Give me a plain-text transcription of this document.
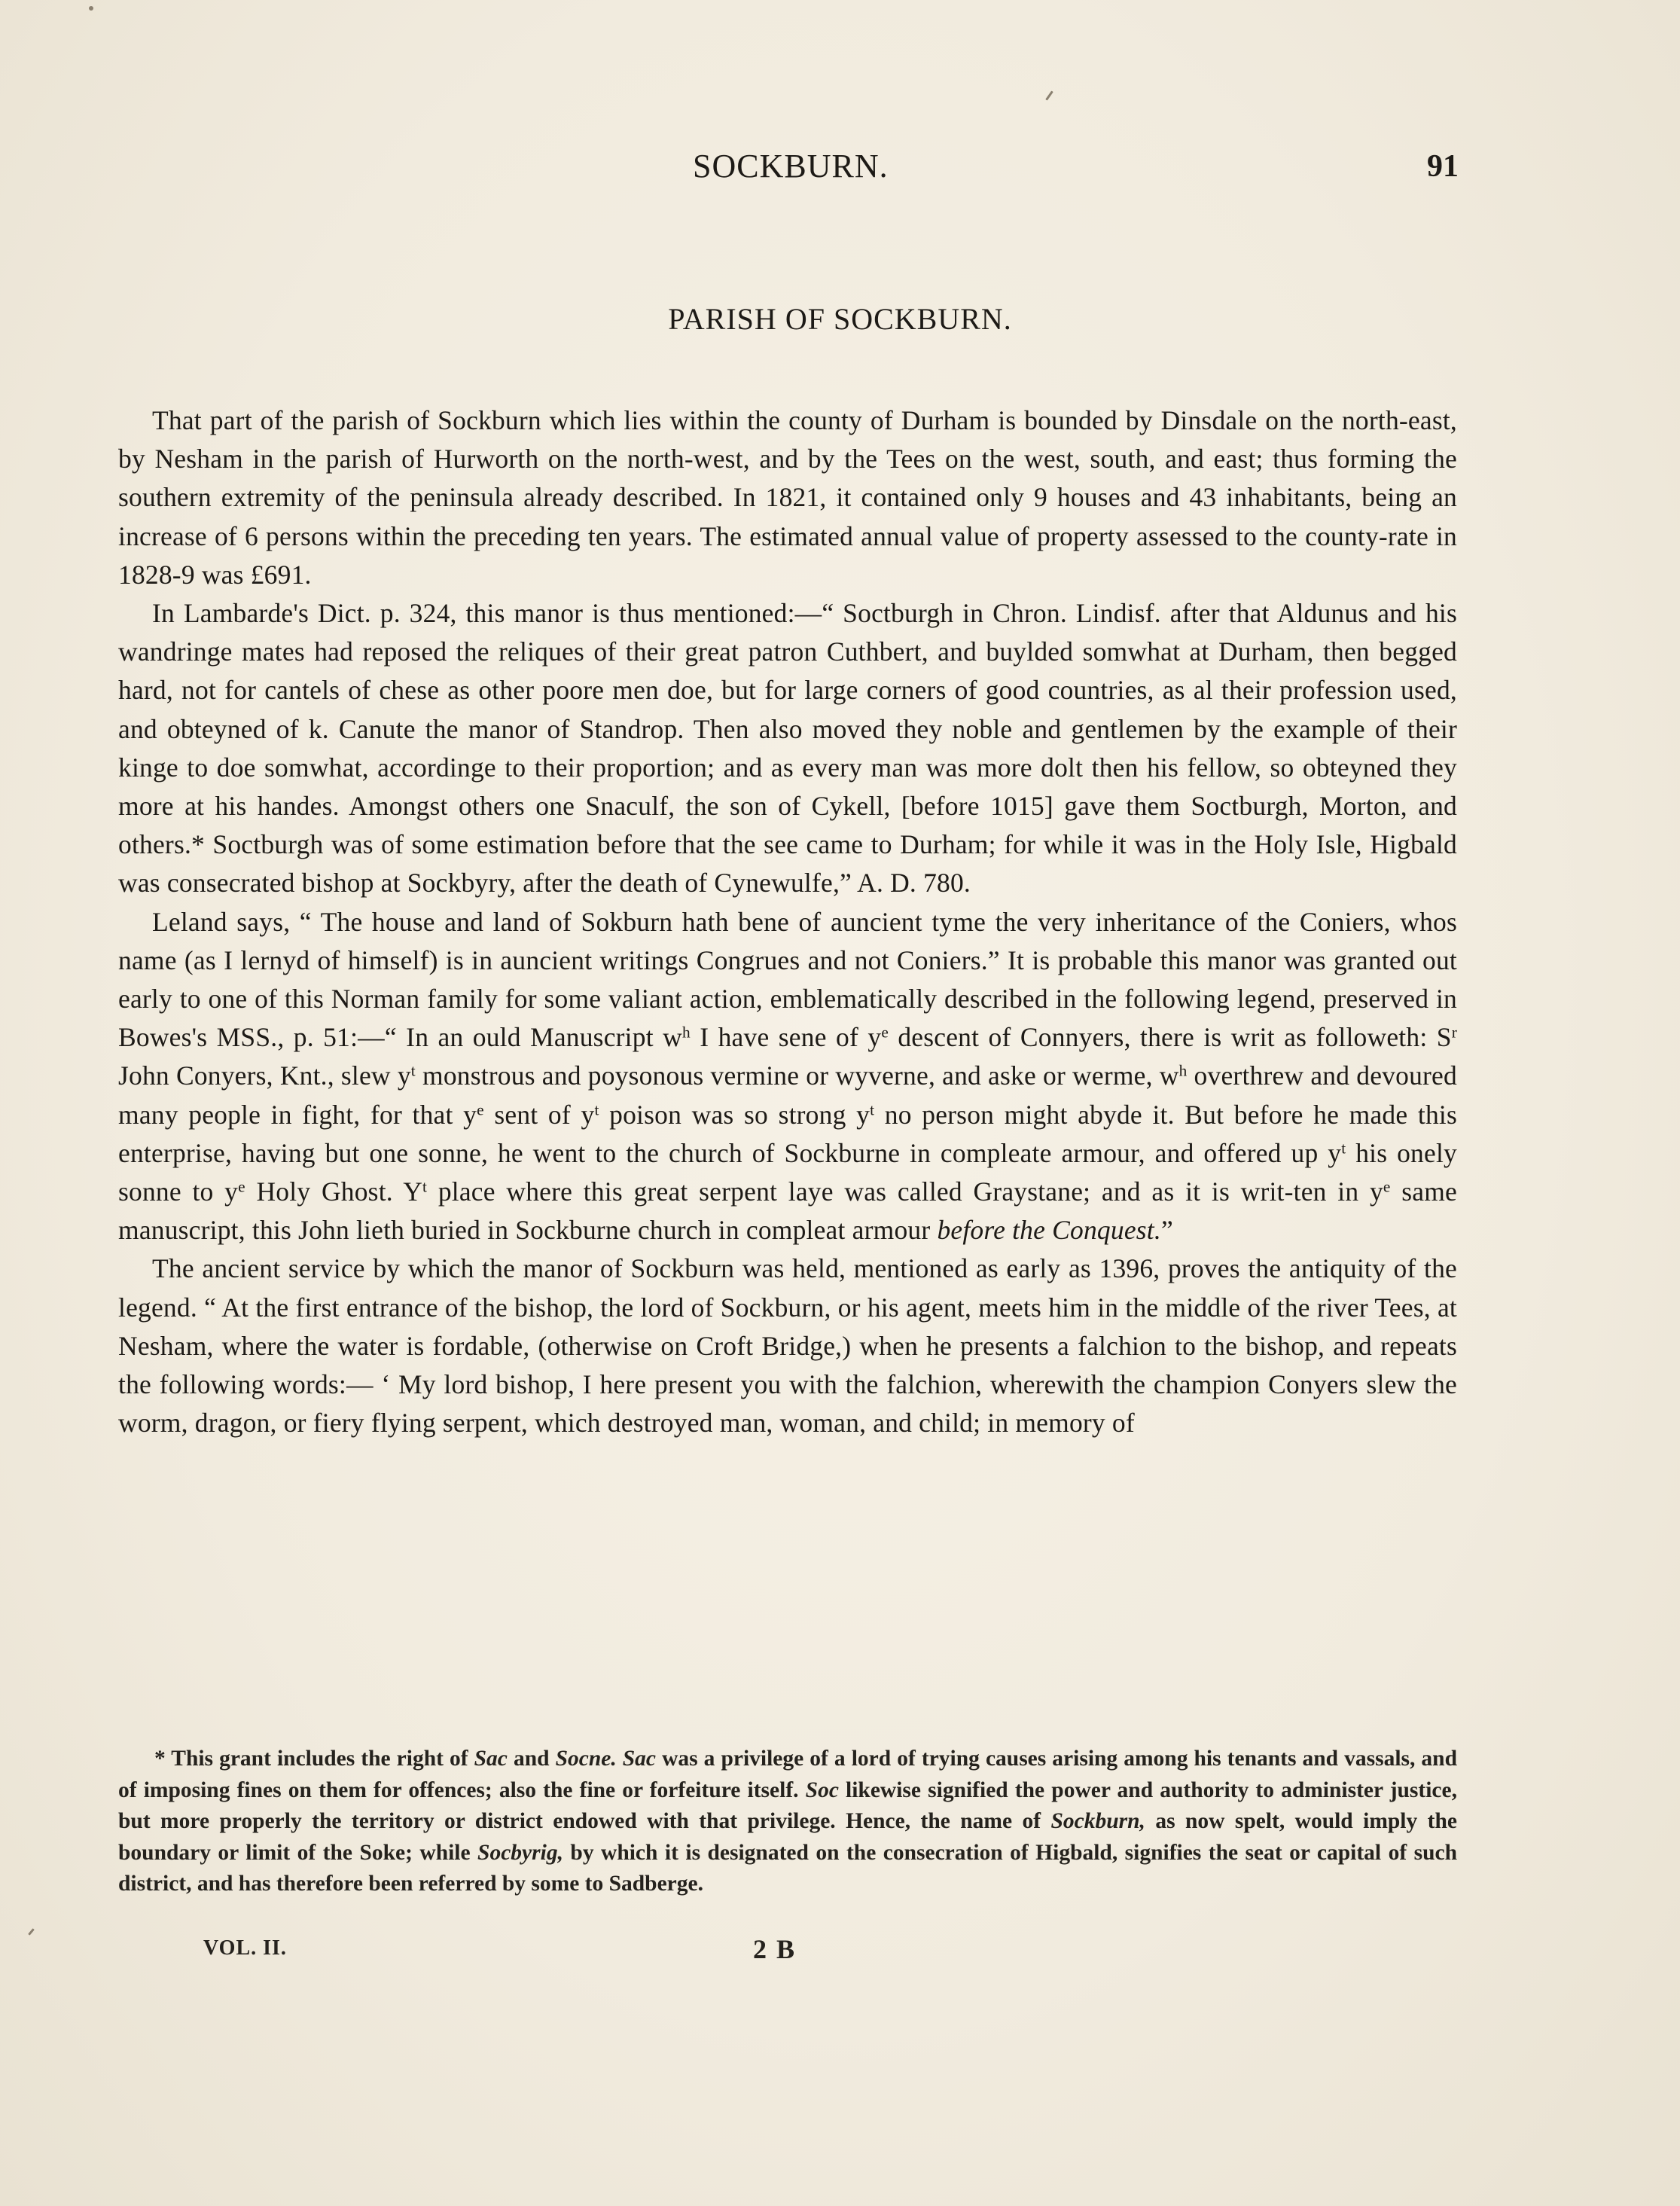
SOCKBURN.	91
PARISH OF SOCKBURN.

That part of the parish of Sockburn which lies within the county of Durham is bounded by Dinsdale on the north-east, by Nesham in the parish of Hurworth on the north-west, and by the Tees on the west, south, and east; thus forming the southern extremity of the peninsula already described. In 1821, it contained only 9 houses and 43 inhabitants, being an increase of 6 persons within the preceding ten years. The estimated annual value of property assessed to the county-rate in 1828-9 was £691.

In Lambarde's Dict. p. 324, this manor is thus mentioned:—“ Soctburgh in Chron. Lindisf. after that Aldunus and his wandringe mates had reposed the reliques of their great patron Cuthbert, and buylded somwhat at Durham, then begged hard, not for cantels of chese as other poore men doe, but for large corners of good countries, as al their profession used, and obteyned of k. Canute the manor of Standrop. Then also moved they noble and gentlemen by the example of their kinge to doe somwhat, accordinge to their proportion; and as every man was more dolt then his fellow, so obteyned they more at his handes. Amongst others one Snaculf, the son of Cykell, [before 1015] gave them Soctburgh, Morton, and others.* Soctburgh was of some estimation before that the see came to Durham; for while it was in the Holy Isle, Higbald was consecrated bishop at Sockbyry, after the death of Cynewulfe,” A. D. 780.

Leland says, “ The house and land of Sokburn hath bene of auncient tyme the very inheritance of the Coniers, whos name (as I lernyd of himself) is in auncient writings Congrues and not Coniers.” It is probable this manor was granted out early to one of this Norman family for some valiant action, emblematically described in the following legend, preserved in Bowes's MSS., p. 51:—“ In an ould Manuscript $w^h$ I have sene of $y^e$ descent of Connyers, there is writ as followeth: $S^r$ John Conyers, Knt., slew $y^t$ monstrous and poysonous vermine or wyverne, and aske or werme, $w^h$ overthrew and devoured many people in fight, for that $y^e$ sent of $y^t$ poison was so strong $y^t$ no person might abyde it. But before he made this enterprise, having but one sonne, he went to the church of Sockburne in compleate armour, and offered up $y^t$ his onely sonne to $y^e$ Holy Ghost. $Y^t$ place where this great serpent laye was called Graystane; and as it is writ-ten in $y^e$ same manuscript, this John lieth buried in Sockburne church in compleat armour before the Conquest.”

The ancient service by which the manor of Sockburn was held, mentioned as early as 1396, proves the antiquity of the legend. “ At the first entrance of the bishop, the lord of Sockburn, or his agent, meets him in the middle of the river Tees, at Nesham, where the water is fordable, (otherwise on Croft Bridge,) when he presents a falchion to the bishop, and repeats the following words:— ‘ My lord bishop, I here present you with the falchion, wherewith the champion Conyers slew the worm, dragon, or fiery flying serpent, which destroyed man, woman, and child; in memory of

* This grant includes the right of Sac and Socne. Sac was a privilege of a lord of trying causes arising among his tenants and vassals, and of imposing fines on them for offences; also the fine or forfeiture itself. Soc likewise signified the power and authority to administer justice, but more properly the territory or district endowed with that privilege. Hence, the name of Sockburn, as now spelt, would imply the boundary or limit of the Soke; while Socbyrig, by which it is designated on the consecration of Higbald, signifies the seat or capital of such district, and has therefore been referred by some to Sadberge.

VOL. II.	2 B
